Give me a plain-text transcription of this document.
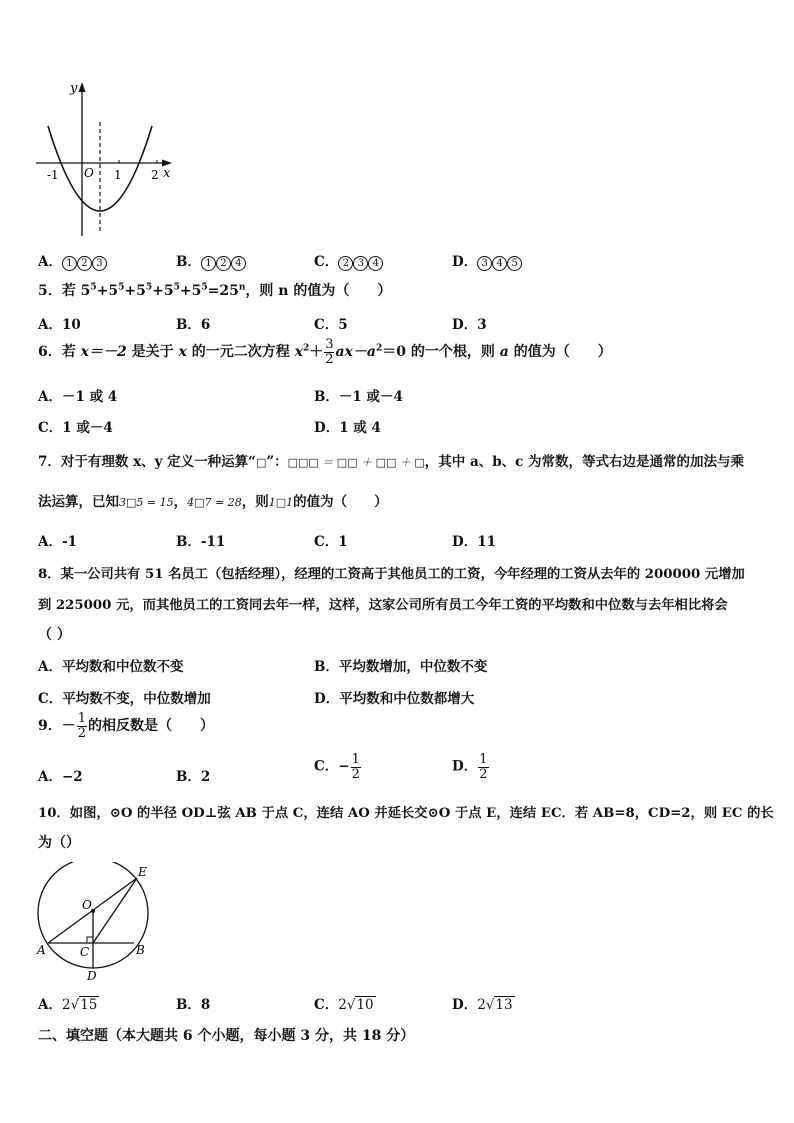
y
x
O
-1	1 2
A． 1 2 3	B． 1 2 4	C． 2 3 4	D． 3 4 5
5．若 $5^5+5^5+5^5+5^5+5^5=25^n$，则 n 的值为（　　）
A．10	B．6	C．5	D．3
6．若 x＝－2 是关于 x 的一元二次方程 $x^2+ \frac{3}{2} ax-a^2=0$ 的一个根，则 a 的值为（　　）
A．－1 或 4	B．－1 或－4
C．1 或－4	D．1 或 4
7．对于有理数 x、y 定义一种运算“□”：□□□ ＝ □□ ＋ □□ ＋ □，其中 a、b、c 为常数，等式右边是通常的加法与乘
法运算，已知3□5 = 15，4□7 = 28，则1□1的值为（　　）
A．-1	B．-11	C．1	D．11
8．某一公司共有 51 名员工（包括经理），经理的工资高于其他员工的工资，今年经理的工资从去年的 200000 元增加
到 225000 元，而其他员工的工资同去年一样，这样，这家公司所有员工今年工资的平均数和中位数与去年相比将会
（ ）
A．平均数和中位数不变	B．平均数增加，中位数不变
C．平均数不变，中位数增加	D．平均数和中位数都增大
9．－ $\frac{1}{2}$ 的相反数是（　　）
A．−2	B．2
C．− $\frac{1}{2}$	D． $\frac{1}{2}$
10．如图，⊙O 的半径 OD⊥弦 AB 于点 C，连结 AO 并延长交⊙O 于点 E，连结 EC．若 AB=8，CD=2，则 EC 的长
为（）
E
O
A	C	B
D
A．2√15	B．8	C．2√10	D．2√13
二、填空题（本大题共 6 个小题，每小题 3 分，共 18 分）
